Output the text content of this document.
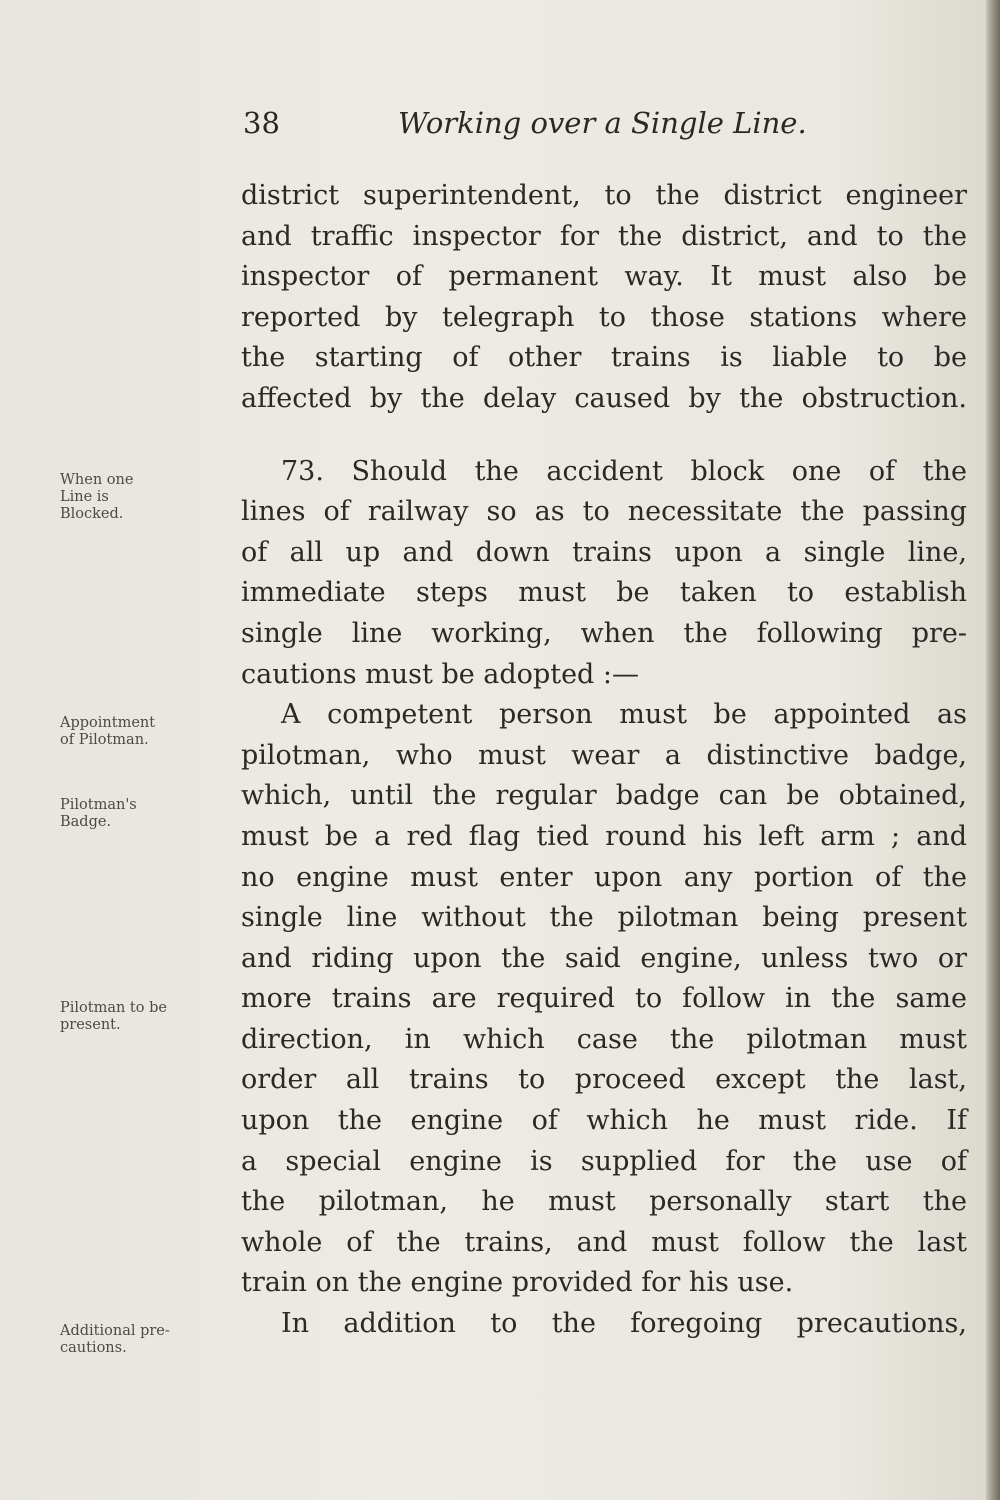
38	Working over a Single Line.
When one
Line is
Blocked.
Appointment
of Pilotman.
Pilotman's
Badge.
Pilotman to be
present.
Additional pre-
cautions.
district superintendent, to the district engineer
and traffic inspector for the district, and to the
inspector of permanent way. It must also be
reported by telegraph to those stations where
the starting of other trains is liable to be
affected by the delay caused by the obstruction.
73. Should the accident block one of the
lines of railway so as to necessitate the passing
of all up and down trains upon a single line,
immediate steps must be taken to establish
single line working, when the following pre-
cautions must be adopted :—
A competent person must be appointed as
pilotman, who must wear a distinctive badge,
which, until the regular badge can be obtained,
must be a red flag tied round his left arm ; and
no engine must enter upon any portion of the
single line without the pilotman being present
and riding upon the said engine, unless two or
more trains are required to follow in the same
direction, in which case the pilotman must
order all trains to proceed except the last,
upon the engine of which he must ride. If
a special engine is supplied for the use of
the pilotman, he must personally start the
whole of the trains, and must follow the last
train on the engine provided for his use.
In addition to the foregoing precautions,
